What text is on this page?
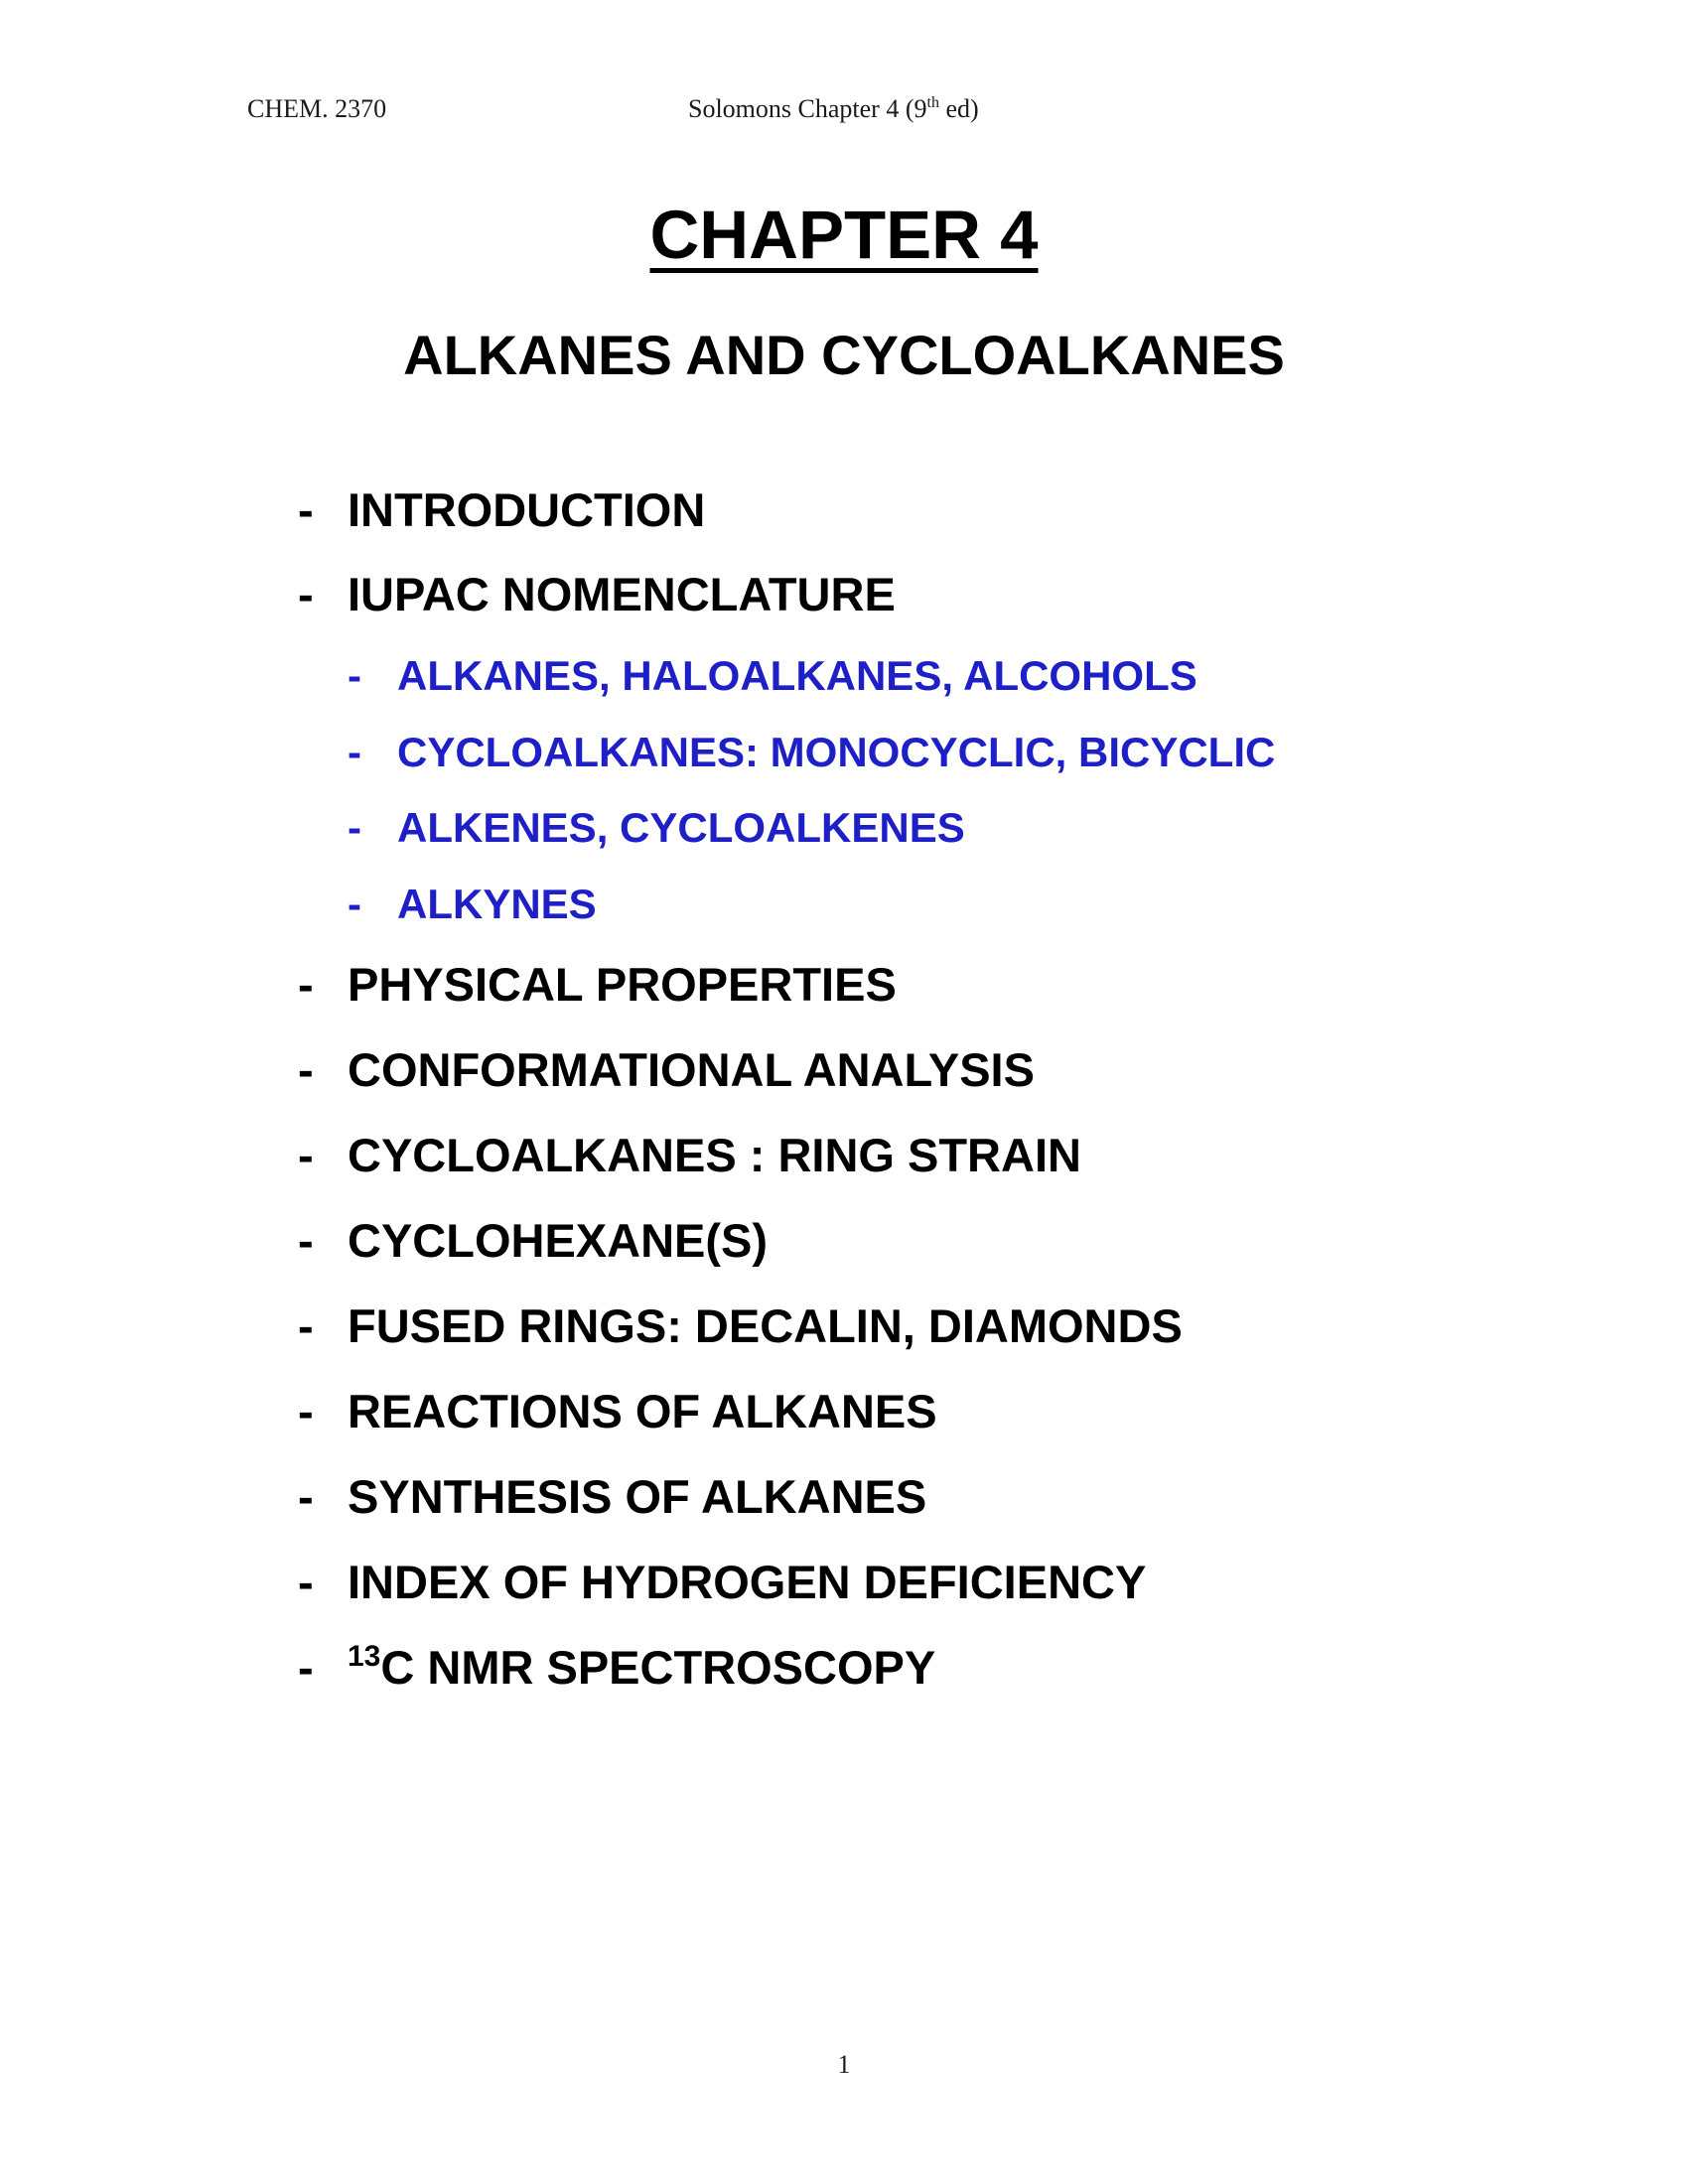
CHEM. 2370	Solomons Chapter 4 (9th ed)
CHAPTER 4
ALKANES AND CYCLOALKANES
- INTRODUCTION
- IUPAC NOMENCLATURE
- ALKANES, HALOALKANES, ALCOHOLS
- CYCLOALKANES: MONOCYCLIC, BICYCLIC
- ALKENES, CYCLOALKENES
- ALKYNES
- PHYSICAL PROPERTIES
- CONFORMATIONAL ANALYSIS
- CYCLOALKANES : RING STRAIN
- CYCLOHEXANE(S)
- FUSED RINGS: DECALIN, DIAMONDS
- REACTIONS OF ALKANES
- SYNTHESIS OF ALKANES
- INDEX OF HYDROGEN DEFICIENCY
- $^{13}$C NMR SPECTROSCOPY
1
